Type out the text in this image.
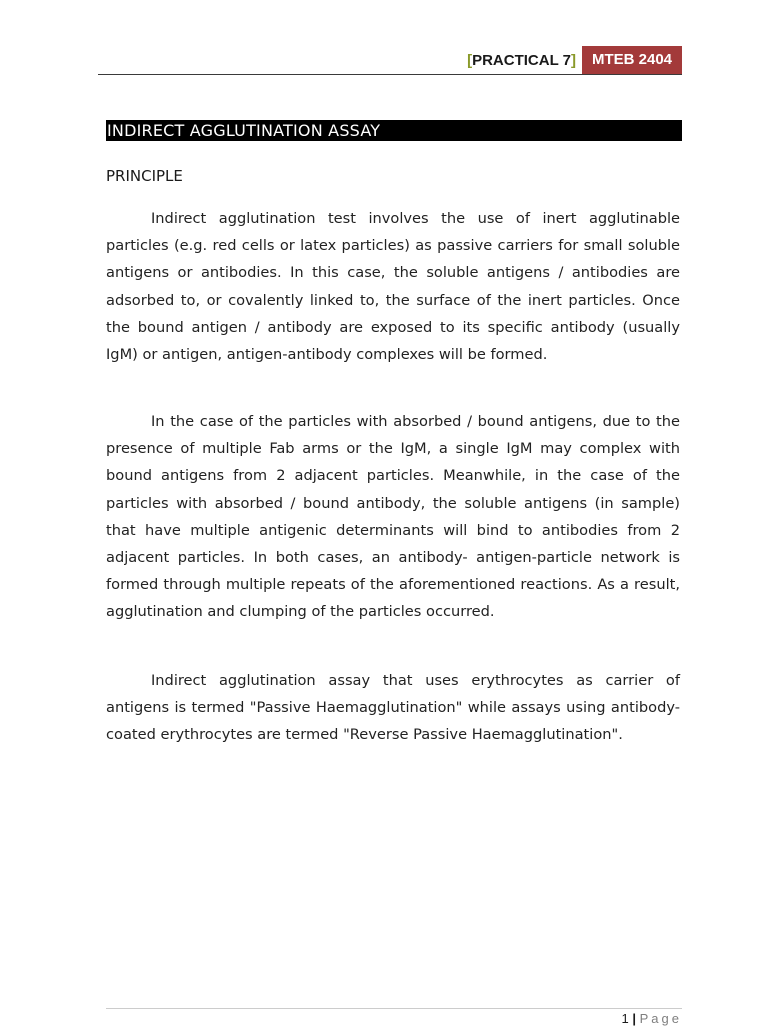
[PRACTICAL 7]	MTEB 2404
INDIRECT AGGLUTINATION ASSAY
PRINCIPLE

Indirect agglutination test involves the use of inert agglutinable particles (e.g. red cells or latex particles) as passive carriers for small soluble antigens or antibodies. In this case, the soluble antigens / antibodies are adsorbed to, or covalently linked to, the surface of the inert particles. Once the bound antigen / antibody are exposed to its specific antibody (usually IgM) or antigen, antigen-antibody complexes will be formed.

In the case of the particles with absorbed / bound antigens, due to the presence of multiple Fab arms or the IgM, a single IgM may complex with bound antigens from 2 adjacent particles. Meanwhile, in the case of the particles with absorbed / bound antibody, the soluble antigens (in sample) that have multiple antigenic determinants will bind to antibodies from 2 adjacent particles. In both cases, an antibody- antigen-particle network is formed through multiple repeats of the aforementioned reactions. As a result, agglutination and clumping of the particles occurred.

Indirect agglutination assay that uses erythrocytes as carrier of antigens is termed "Passive Haemagglutination" while assays using antibody-coated erythrocytes are termed "Reverse Passive Haemagglutination".

1 | Page
